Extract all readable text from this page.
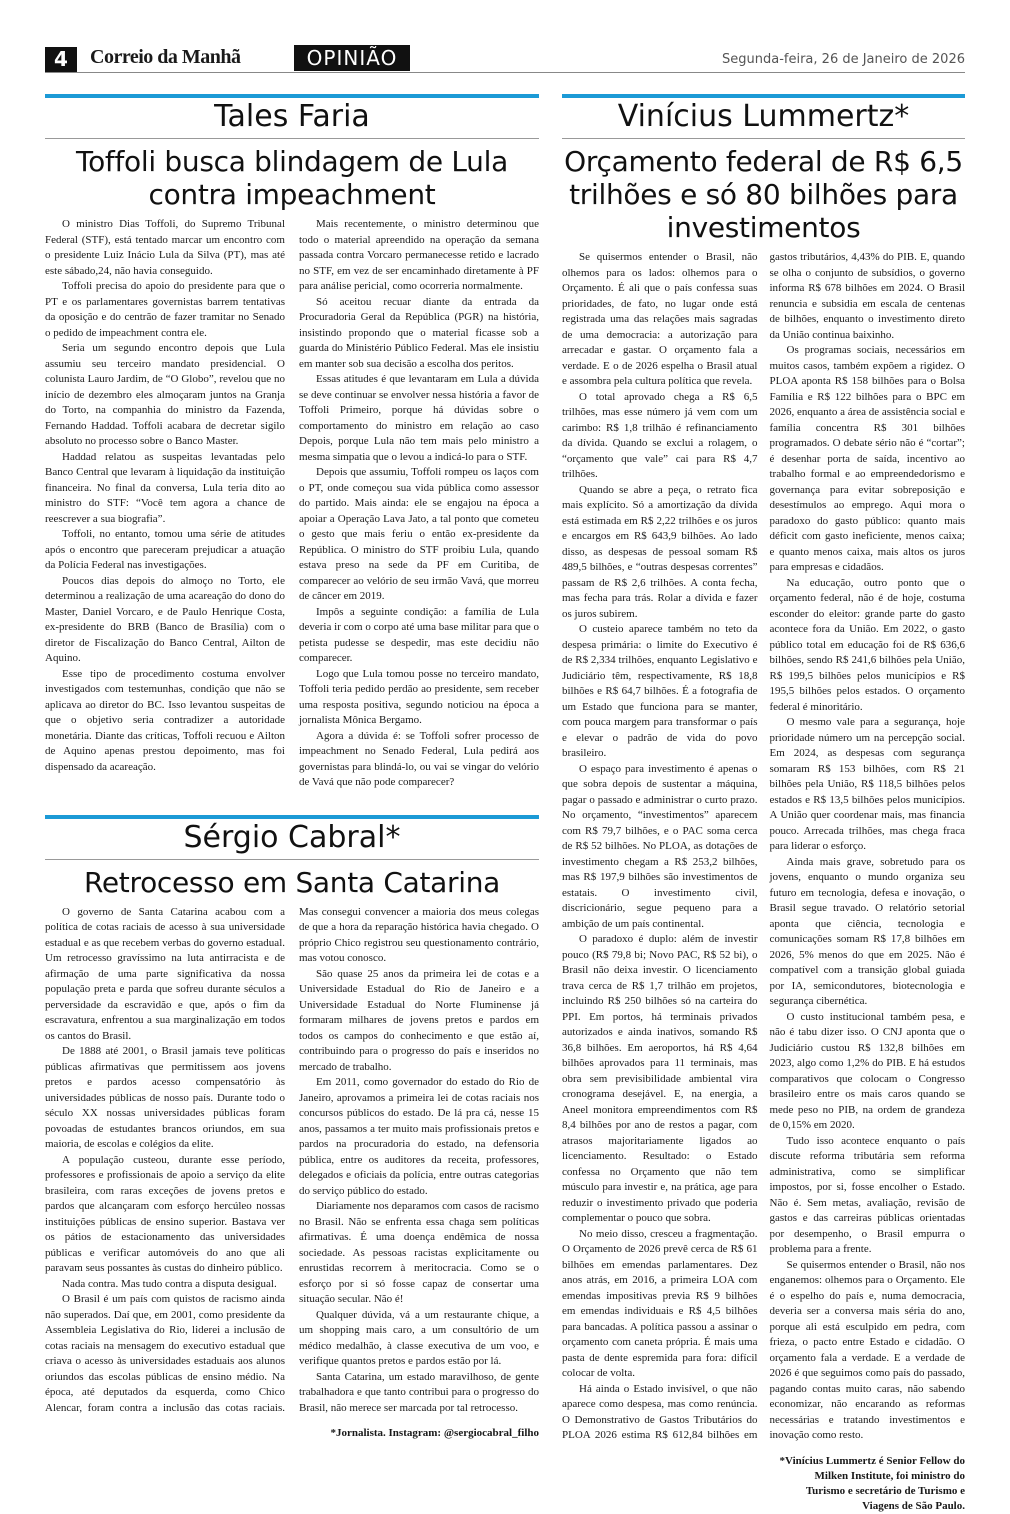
4	Correio da Manhã	OPINIÃO	Segunda-feira, 26 de Janeiro de 2026
Tales Faria
Toffoli busca blindagem de Lula contra impeachment

O ministro Dias Toffoli, do Supremo Tribunal Federal (STF), está tentado marcar um encontro com o presidente Luiz Inácio Lula da Silva (PT), mas até este sábado,24, não havia conseguido.

Toffoli precisa do apoio do presidente para que o PT e os parlamentares governistas barrem tentativas da oposição e do centrão de fazer tramitar no Senado o pedido de impeachment contra ele.

Seria um segundo encontro depois que Lula assumiu seu terceiro mandato presidencial. O colunista Lauro Jardim, de “O Globo”, revelou que no início de dezembro eles almoçaram juntos na Granja do Torto, na companhia do ministro da Fazenda, Fernando Haddad. Toffoli acabara de decretar sigilo absoluto no processo sobre o Banco Master.

Haddad relatou as suspeitas levantadas pelo Banco Central que levaram à liquidação da instituição financeira. No final da conversa, Lula teria dito ao ministro do STF: “Você tem agora a chance de reescrever a sua biografia”.

Toffoli, no entanto, tomou uma série de atitudes após o encontro que pareceram prejudicar a atuação da Polícia Federal nas investigações.

Poucos dias depois do almoço no Torto, ele determinou a realização de uma acareação do dono do Master, Daniel Vorcaro, e de Paulo Henrique Costa, ex-presidente do BRB (Banco de Brasília) com o diretor de Fiscalização do Banco Central, Ailton de Aquino.

Esse tipo de procedimento costuma envolver investigados com testemunhas, condição que não se aplicava ao diretor do BC. Isso levantou suspeitas de que o objetivo seria contradizer a autoridade monetária. Diante das críticas, Toffoli recuou e Ailton de Aquino apenas prestou depoimento, mas foi dispensado da acareação.

Mais recentemente, o ministro determinou que todo o material apreendido na operação da semana passada contra Vorcaro permanecesse retido e lacrado no STF, em vez de ser encaminhado diretamente à PF para análise pericial, como ocorreria normalmente.

Só aceitou recuar diante da entrada da Procuradoria Geral da República (PGR) na história, insistindo propondo que o material ficasse sob a guarda do Ministério Público Federal. Mas ele insistiu em manter sob sua decisão a escolha dos peritos.

Essas atitudes é que levantaram em Lula a dúvida se deve continuar se envolver nessa história a favor de Toffoli Primeiro, porque há dúvidas sobre o comportamento do ministro em relação ao caso Depois, porque Lula não tem mais pelo ministro a mesma simpatia que o levou a indicá-lo para o STF.

Depois que assumiu, Toffoli rompeu os laços com o PT, onde começou sua vida pública como assessor do partido. Mais ainda: ele se engajou na época a apoiar a Operação Lava Jato, a tal ponto que cometeu o gesto que mais feriu o então ex-presidente da República. O ministro do STF proibiu Lula, quando estava preso na sede da PF em Curitiba, de comparecer ao velório de seu irmão Vavá, que morreu de câncer em 2019.

Impôs a seguinte condição: a família de Lula deveria ir com o corpo até uma base militar para que o petista pudesse se despedir, mas este decidiu não comparecer.

Logo que Lula tomou posse no terceiro mandato, Toffoli teria pedido perdão ao presidente, sem receber uma resposta positiva, segundo noticiou na época a jornalista Mônica Bergamo.

Agora a dúvida é: se Toffoli sofrer processo de impeachment no Senado Federal, Lula pedirá aos governistas para blindá-lo, ou vai se vingar do velório de Vavá que não pode comparecer?

Sérgio Cabral*
Retrocesso em Santa Catarina

O governo de Santa Catarina acabou com a política de cotas raciais de acesso à sua universidade estadual e as que recebem verbas do governo estadual. Um retrocesso gravíssimo na luta antirracista e de afirmação de uma parte significativa da nossa população preta e parda que sofreu durante séculos a perversidade da escravidão e que, após o fim da escravatura, enfrentou a sua marginalização em todos os cantos do Brasil.

De 1888 até 2001, o Brasil jamais teve políticas públicas afirmativas que permitissem aos jovens pretos e pardos acesso compensatório às universidades públicas de nosso país. Durante todo o século XX nossas universidades públicas foram povoadas de estudantes brancos oriundos, em sua maioria, de escolas e colégios da elite.

A população custeou, durante esse período, professores e profissionais de apoio a serviço da elite brasileira, com raras exceções de jovens pretos e pardos que alcançaram com esforço hercúleo nossas instituições públicas de ensino superior. Bastava ver os pátios de estacionamento das universidades públicas e verificar automóveis do ano que ali paravam seus possantes às custas do dinheiro público.

Nada contra. Mas tudo contra a disputa desigual.

O Brasil é um país com quistos de racismo ainda não superados. Daí que, em 2001, como presidente da Assembleia Legislativa do Rio, liderei a inclusão de cotas raciais na mensagem do executivo estadual que criava o acesso às universidades estaduais aos alunos oriundos das escolas públicas de ensino médio. Na época, até deputados da esquerda, como Chico Alencar, foram contra a inclusão das cotas raciais. Mas consegui convencer a maioria dos meus colegas de que a hora da reparação histórica havia chegado. O próprio Chico registrou seu questionamento contrário, mas votou conosco.

São quase 25 anos da primeira lei de cotas e a Universidade Estadual do Rio de Janeiro e a Universidade Estadual do Norte Fluminense já formaram milhares de jovens pretos e pardos em todos os campos do conhecimento e que estão aí, contribuindo para o progresso do país e inseridos no mercado de trabalho.

Em 2011, como governador do estado do Rio de Janeiro, aprovamos a primeira lei de cotas raciais nos concursos públicos do estado. De lá pra cá, nesse 15 anos, passamos a ter muito mais profissionais pretos e pardos na procuradoria do estado, na defensoria pública, entre os auditores da receita, professores, delegados e oficiais da polícia, entre outras categorias do serviço público do estado.

Diariamente nos deparamos com casos de racismo no Brasil. Não se enfrenta essa chaga sem políticas afirmativas. É uma doença endêmica de nossa sociedade. As pessoas racistas explicitamente ou enrustidas recorrem à meritocracia. Como se o esforço por si só fosse capaz de consertar uma situação secular. Não é!

Qualquer dúvida, vá a um restaurante chique, a um shopping mais caro, a um consultório de um médico medalhão, à classe executiva de um voo, e verifique quantos pretos e pardos estão por lá.

Santa Catarina, um estado maravilhoso, de gente trabalhadora e que tanto contribui para o progresso do Brasil, não merece ser marcada por tal retrocesso.

*Jornalista. Instagram: @sergiocabral_filho
Vinícius Lummertz*
Orçamento federal de R$ 6,5 trilhões e só 80 bilhões para investimentos

Se quisermos entender o Brasil, não olhemos para os lados: olhemos para o Orçamento. É ali que o país confessa suas prioridades, de fato, no lugar onde está registrada uma das relações mais sagradas de uma democracia: a autorização para arrecadar e gastar. O orçamento fala a verdade. E o de 2026 espelha o Brasil atual e assombra pela cultura política que revela.

O total aprovado chega a R$ 6,5 trilhões, mas esse número já vem com um carimbo: R$ 1,8 trilhão é refinanciamento da dívida. Quando se exclui a rolagem, o “orçamento que vale” cai para R$ 4,7 trilhões.

Quando se abre a peça, o retrato fica mais explícito. Só a amortização da dívida está estimada em R$ 2,22 trilhões e os juros e encargos em R$ 643,9 bilhões. Ao lado disso, as despesas de pessoal somam R$ 489,5 bilhões, e “outras despesas correntes” passam de R$ 2,6 trilhões. A conta fecha, mas fecha para trás. Rolar a dívida e fazer os juros subirem.

O custeio aparece também no teto da despesa primária: o limite do Executivo é de R$ 2,334 trilhões, enquanto Legislativo e Judiciário têm, respectivamente, R$ 18,8 bilhões e R$ 64,7 bilhões. É a fotografia de um Estado que funciona para se manter, com pouca margem para transformar o país e elevar o padrão de vida do povo brasileiro.

O espaço para investimento é apenas o que sobra depois de sustentar a máquina, pagar o passado e administrar o curto prazo. No orçamento, “investimentos” aparecem com R$ 79,7 bilhões, e o PAC soma cerca de R$ 52 bilhões. No PLOA, as dotações de investimento chegam a R$ 253,2 bilhões, mas R$ 197,9 bilhões são investimentos de estatais. O investimento civil, discricionário, segue pequeno para a ambição de um país continental.

O paradoxo é duplo: além de investir pouco (R$ 79,8 bi; Novo PAC, R$ 52 bi), o Brasil não deixa investir. O licenciamento trava cerca de R$ 1,7 trilhão em projetos, incluindo R$ 250 bilhões só na carteira do PPI. Em portos, há terminais privados autorizados e ainda inativos, somando R$ 36,8 bilhões. Em aeroportos, há R$ 4,64 bilhões aprovados para 11 terminais, mas obra sem previsibilidade ambiental vira cronograma desejável. E, na energia, a Aneel monitora empreendimentos com R$ 8,4 bilhões por ano de restos a pagar, com atrasos majoritariamente ligados ao licenciamento. Resultado: o Estado confessa no Orçamento que não tem músculo para investir e, na prática, age para reduzir o investimento privado que poderia complementar o pouco que sobra.

No meio disso, cresceu a fragmentação. O Orçamento de 2026 prevê cerca de R$ 61 bilhões em emendas parlamentares. Dez anos atrás, em 2016, a primeira LOA com emendas impositivas previa R$ 9 bilhões em emendas individuais e R$ 4,5 bilhões para bancadas. A política passou a assinar o orçamento com caneta própria. É mais uma pasta de dente espremida para fora: difícil colocar de volta.

Há ainda o Estado invisível, o que não aparece como despesa, mas como renúncia. O Demonstrativo de Gastos Tributários do PLOA 2026 estima R$ 612,84 bilhões em gastos tributários, 4,43% do PIB. E, quando se olha o conjunto de subsídios, o governo informa R$ 678 bilhões em 2024. O Brasil renuncia e subsidia em escala de centenas de bilhões, enquanto o investimento direto da União continua baixinho.

Os programas sociais, necessários em muitos casos, também expõem a rigidez. O PLOA aponta R$ 158 bilhões para o Bolsa Família e R$ 122 bilhões para o BPC em 2026, enquanto a área de assistência social e família concentra R$ 301 bilhões programados. O debate sério não é “cortar”; é desenhar porta de saída, incentivo ao trabalho formal e ao empreendedorismo e governança para evitar sobreposição e desestímulos ao emprego. Aqui mora o paradoxo do gasto público: quanto mais déficit com gasto ineficiente, menos caixa; e quanto menos caixa, mais altos os juros para empresas e cidadãos.

Na educação, outro ponto que o orçamento federal, não é de hoje, costuma esconder do eleitor: grande parte do gasto acontece fora da União. Em 2022, o gasto público total em educação foi de R$ 636,6 bilhões, sendo R$ 241,6 bilhões pela União, R$ 199,5 bilhões pelos municípios e R$ 195,5 bilhões pelos estados. O orçamento federal é minoritário.

O mesmo vale para a segurança, hoje prioridade número um na percepção social. Em 2024, as despesas com segurança somaram R$ 153 bilhões, com R$ 21 bilhões pela União, R$ 118,5 bilhões pelos estados e R$ 13,5 bilhões pelos municípios. A União quer coordenar mais, mas financia pouco. Arrecada trilhões, mas chega fraca para liderar o esforço.

Ainda mais grave, sobretudo para os jovens, enquanto o mundo organiza seu futuro em tecnologia, defesa e inovação, o Brasil segue travado. O relatório setorial aponta que ciência, tecnologia e comunicações somam R$ 17,8 bilhões em 2026, 5% menos do que em 2025. Não é compatível com a transição global guiada por IA, semicondutores, biotecnologia e segurança cibernética.

O custo institucional também pesa, e não é tabu dizer isso. O CNJ aponta que o Judiciário custou R$ 132,8 bilhões em 2023, algo como 1,2% do PIB. E há estudos comparativos que colocam o Congresso brasileiro entre os mais caros quando se mede peso no PIB, na ordem de grandeza de 0,15% em 2020.

Tudo isso acontece enquanto o país discute reforma tributária sem reforma administrativa, como se simplificar impostos, por si, fosse encolher o Estado. Não é. Sem metas, avaliação, revisão de gastos e das carreiras públicas orientadas por desempenho, o Brasil empurra o problema para a frente.

Se quisermos entender o Brasil, não nos enganemos: olhemos para o Orçamento. Ele é o espelho do país e, numa democracia, deveria ser a conversa mais séria do ano, porque ali está esculpido em pedra, com frieza, o pacto entre Estado e cidadão. O orçamento fala a verdade. E a verdade de 2026 é que seguimos como país do passado, pagando contas muito caras, não sabendo economizar, não encarando as reformas necessárias e tratando investimentos e inovação como resto.

*Vinícius Lummertz é Senior Fellow do Milken Institute, foi ministro do Turismo e secretário de Turismo e Viagens de São Paulo.
